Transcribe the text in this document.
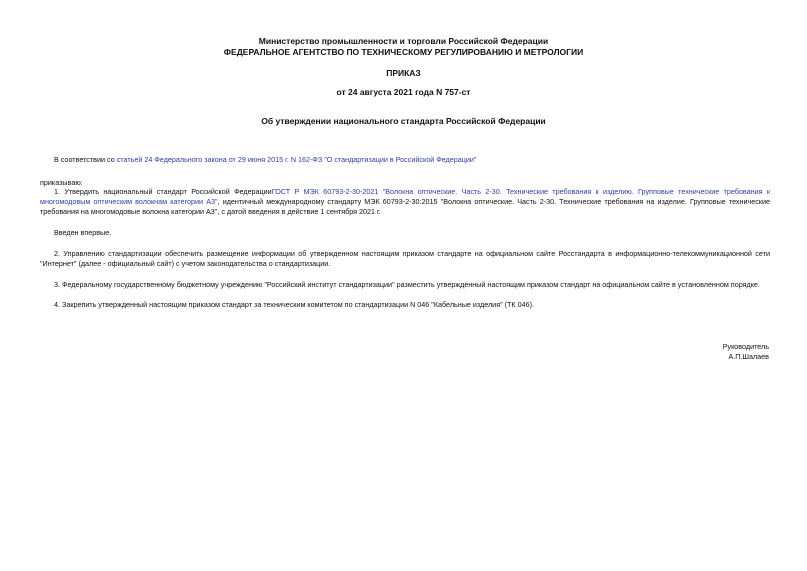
Министерство промышленности и торговли Российской Федерации
ФЕДЕРАЛЬНОЕ АГЕНТСТВО ПО ТЕХНИЧЕСКОМУ РЕГУЛИРОВАНИЮ И МЕТРОЛОГИИ
ПРИКАЗ
от 24 августа 2021 года N 757-ст
Об утверждении национального стандарта Российской Федерации
В соответствии со статьей 24 Федерального закона от 29 июня 2015 г. N 162-ФЗ "О стандартизации в Российской Федерации"
приказываю:
1. Утвердить национальный стандарт Российской ФедерацииГОСТ Р МЭК 60793-2-30-2021 "Волокна оптические. Часть 2-30. Технические требования к изделию. Групповые технические требования к многомодовым оптическим волокнам категории А3", идентичный международному стандарту МЭК 60793-2-30:2015 "Волокна оптические. Часть 2-30. Технические требования на изделие. Групповые технические требования на многомодовые волокна категории А3", с датой введения в действие 1 сентября 2021 г.
Введен впервые.
2. Управлению стандартизации обеспечить размещение информации об утвержденном настоящим приказом стандарте на официальном сайте Росстандарта в информационно-телекоммуникационной сети "Интернет" (далее - официальный сайт) с учетом законодательства о стандартизации.
3. Федеральному государственному бюджетному учреждению "Российский институт стандартизации" разместить утвержденный настоящим приказом стандарт на официальном сайте в установленном порядке.
4. Закрепить утвержденный настоящим приказом стандарт за техническим комитетом по стандартизации N 046 "Кабельные изделия" (ТК 046).
Руководитель
А.П.Шалаев
